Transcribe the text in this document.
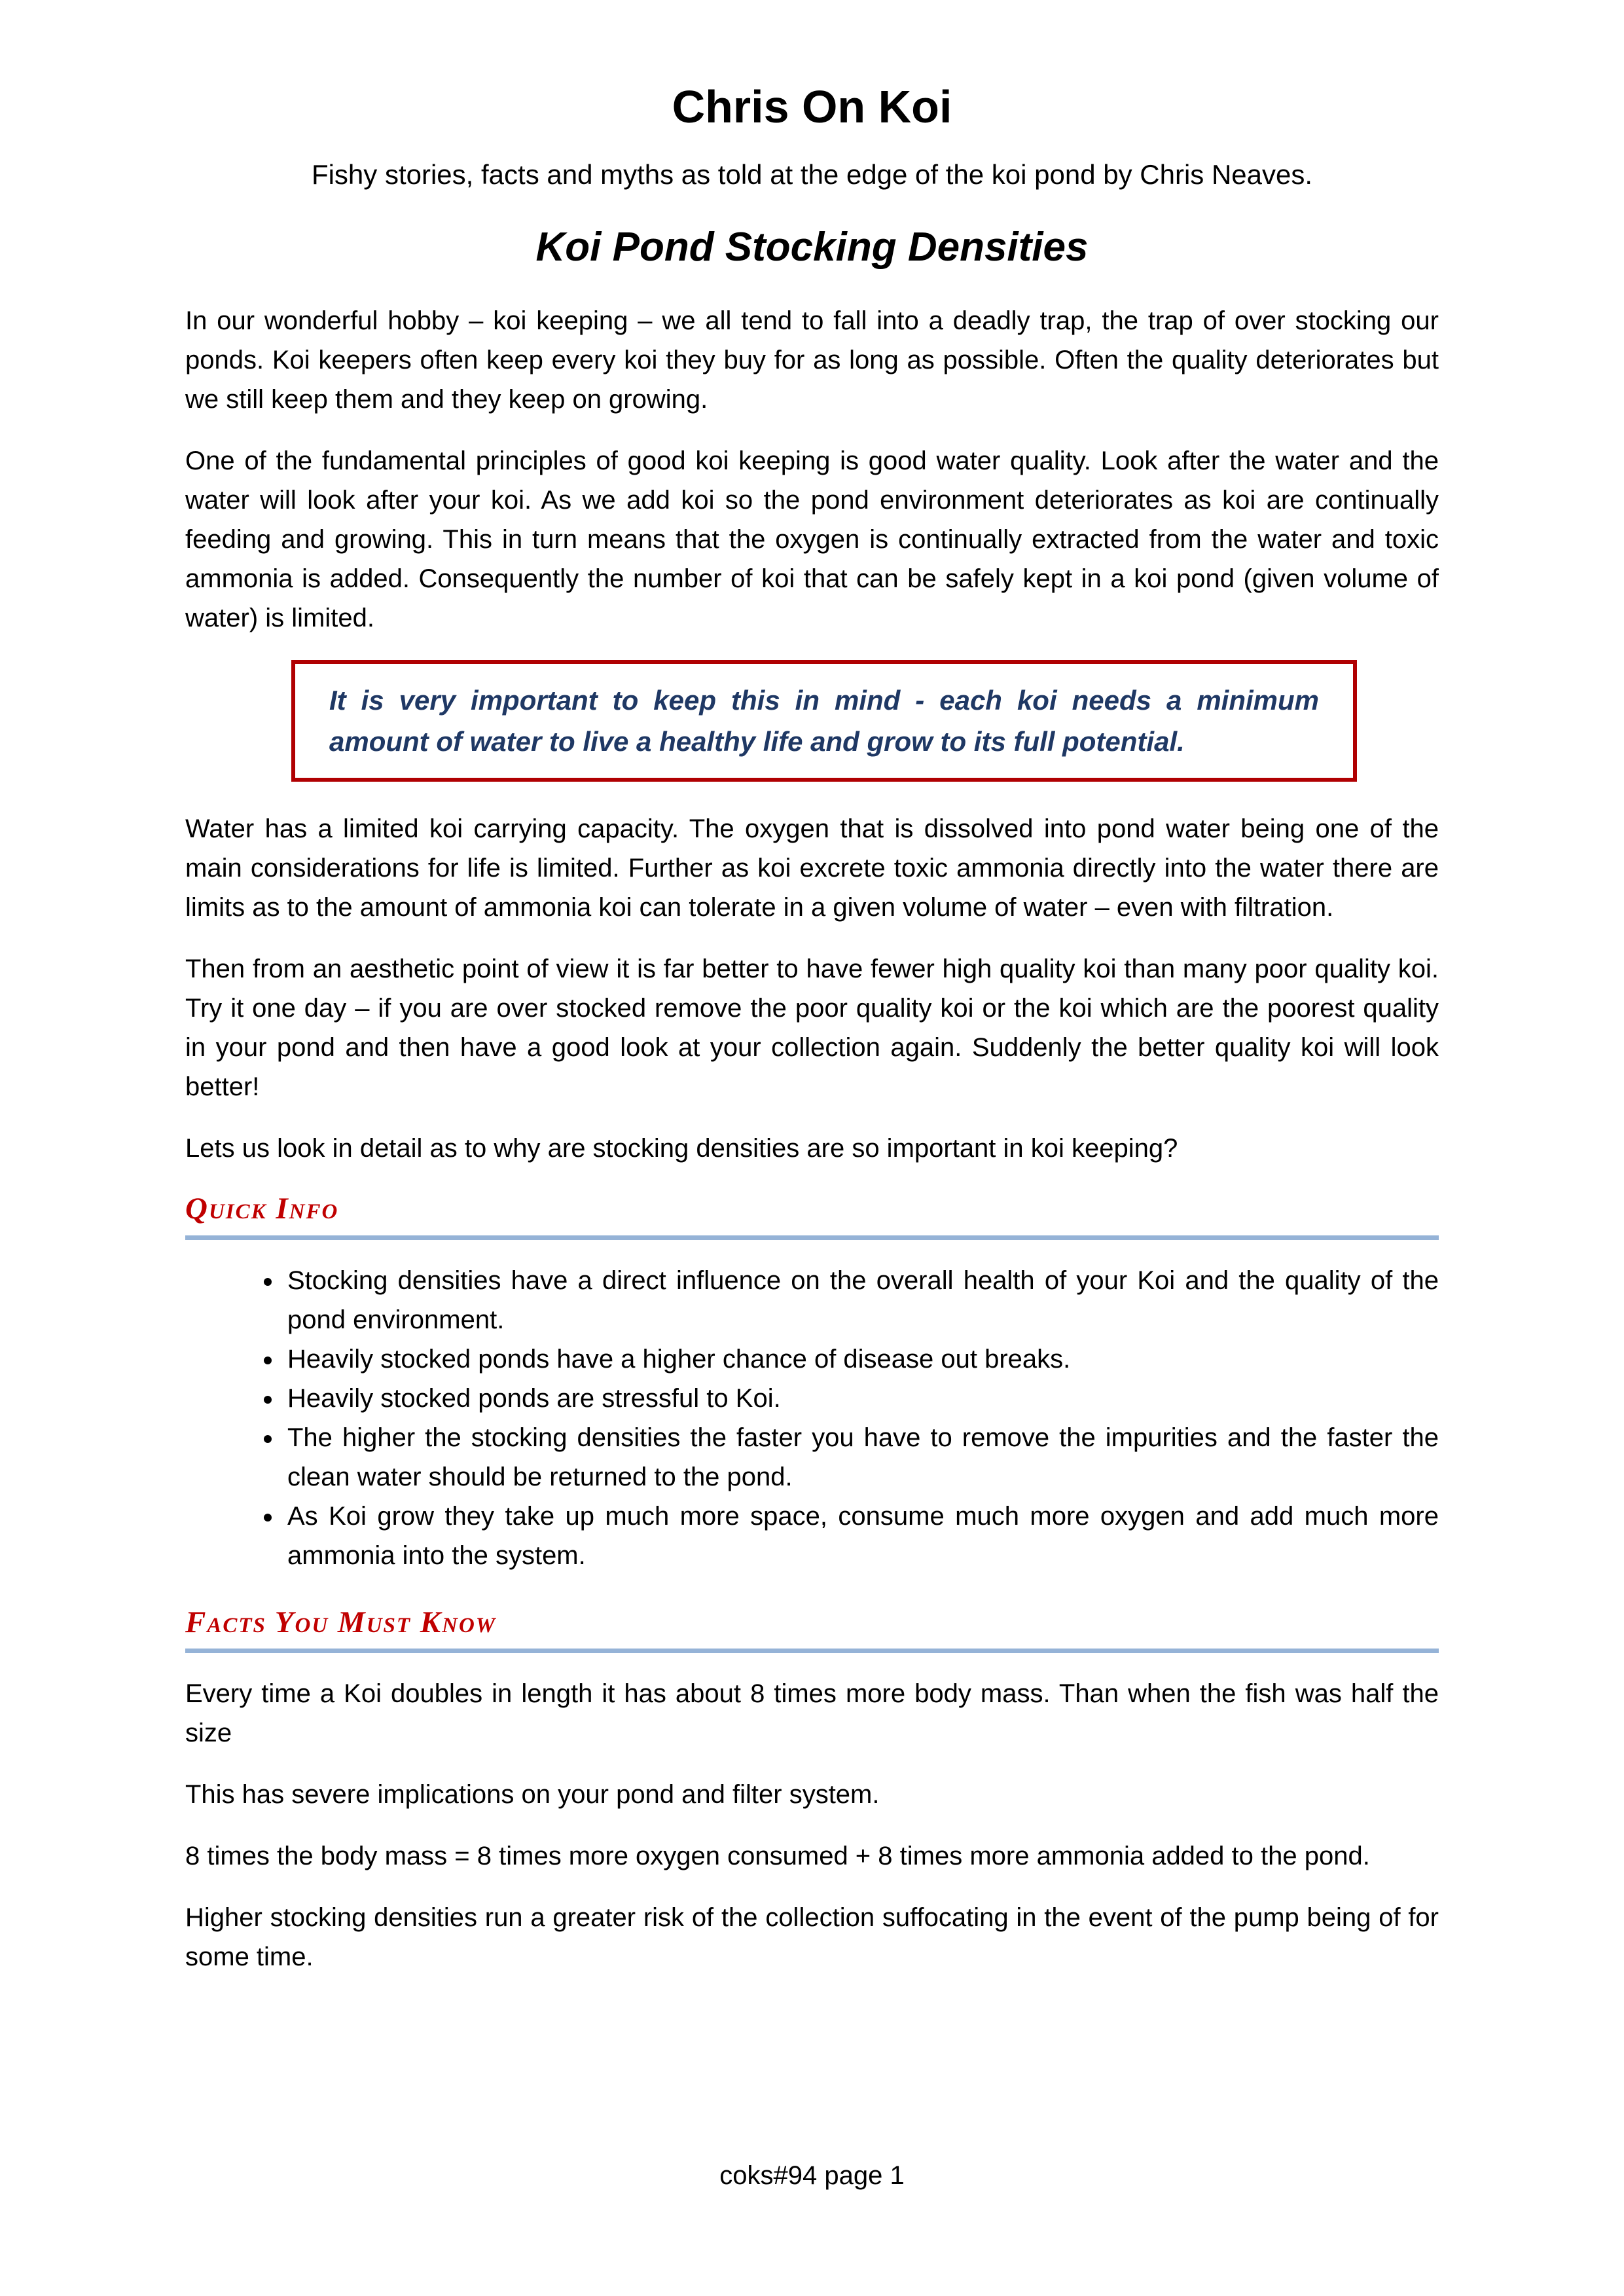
Chris On Koi

Fishy stories, facts and myths as told at the edge of the koi pond by Chris Neaves.

Koi Pond Stocking Densities

In our wonderful hobby – koi keeping – we all tend to fall into a deadly trap, the trap of over stocking our ponds. Koi keepers often keep every koi they buy for as long as possible. Often the quality deteriorates but we still keep them and they keep on growing.

One of the fundamental principles of good koi keeping is good water quality. Look after the water and the water will look after your koi. As we add koi so the pond environment deteriorates as koi are continually feeding and growing. This in turn means that the oxygen is continually extracted from the water and toxic ammonia is added. Consequently the number of koi that can be safely kept in a koi pond (given volume of water) is limited.

It is very important to keep this in mind - each koi needs a minimum amount of water to live a healthy life and grow to its full potential.

Water has a limited koi carrying capacity. The oxygen that is dissolved into pond water being one of the main considerations for life is limited. Further as koi excrete toxic ammonia directly into the water there are limits as to the amount of ammonia koi can tolerate in a given volume of water – even with filtration.

Then from an aesthetic point of view it is far better to have fewer high quality koi than many poor quality koi. Try it one day – if you are over stocked remove the poor quality koi or the koi which are the poorest quality in your pond and then have a good look at your collection again. Suddenly the better quality koi will look better!

Lets us look in detail as to why are stocking densities are so important in koi keeping?

Quick Info
• Stocking densities have a direct influence on the overall health of your Koi and the quality of the pond environment.
• Heavily stocked ponds have a higher chance of disease out breaks.
• Heavily stocked ponds are stressful to Koi.
• The higher the stocking densities the faster you have to remove the impurities and the faster the clean water should be returned to the pond.
• As Koi grow they take up much more space, consume much more oxygen and add much more ammonia into the system.
Facts You Must Know

Every time a Koi doubles in length it has about 8 times more body mass. Than when the fish was half the size

This has severe implications on your pond and filter system.

8 times the body mass = 8 times more oxygen consumed + 8 times more ammonia added to the pond.

Higher stocking densities run a greater risk of the collection suffocating in the event of the pump being of for some time.

coks#94 page 1
